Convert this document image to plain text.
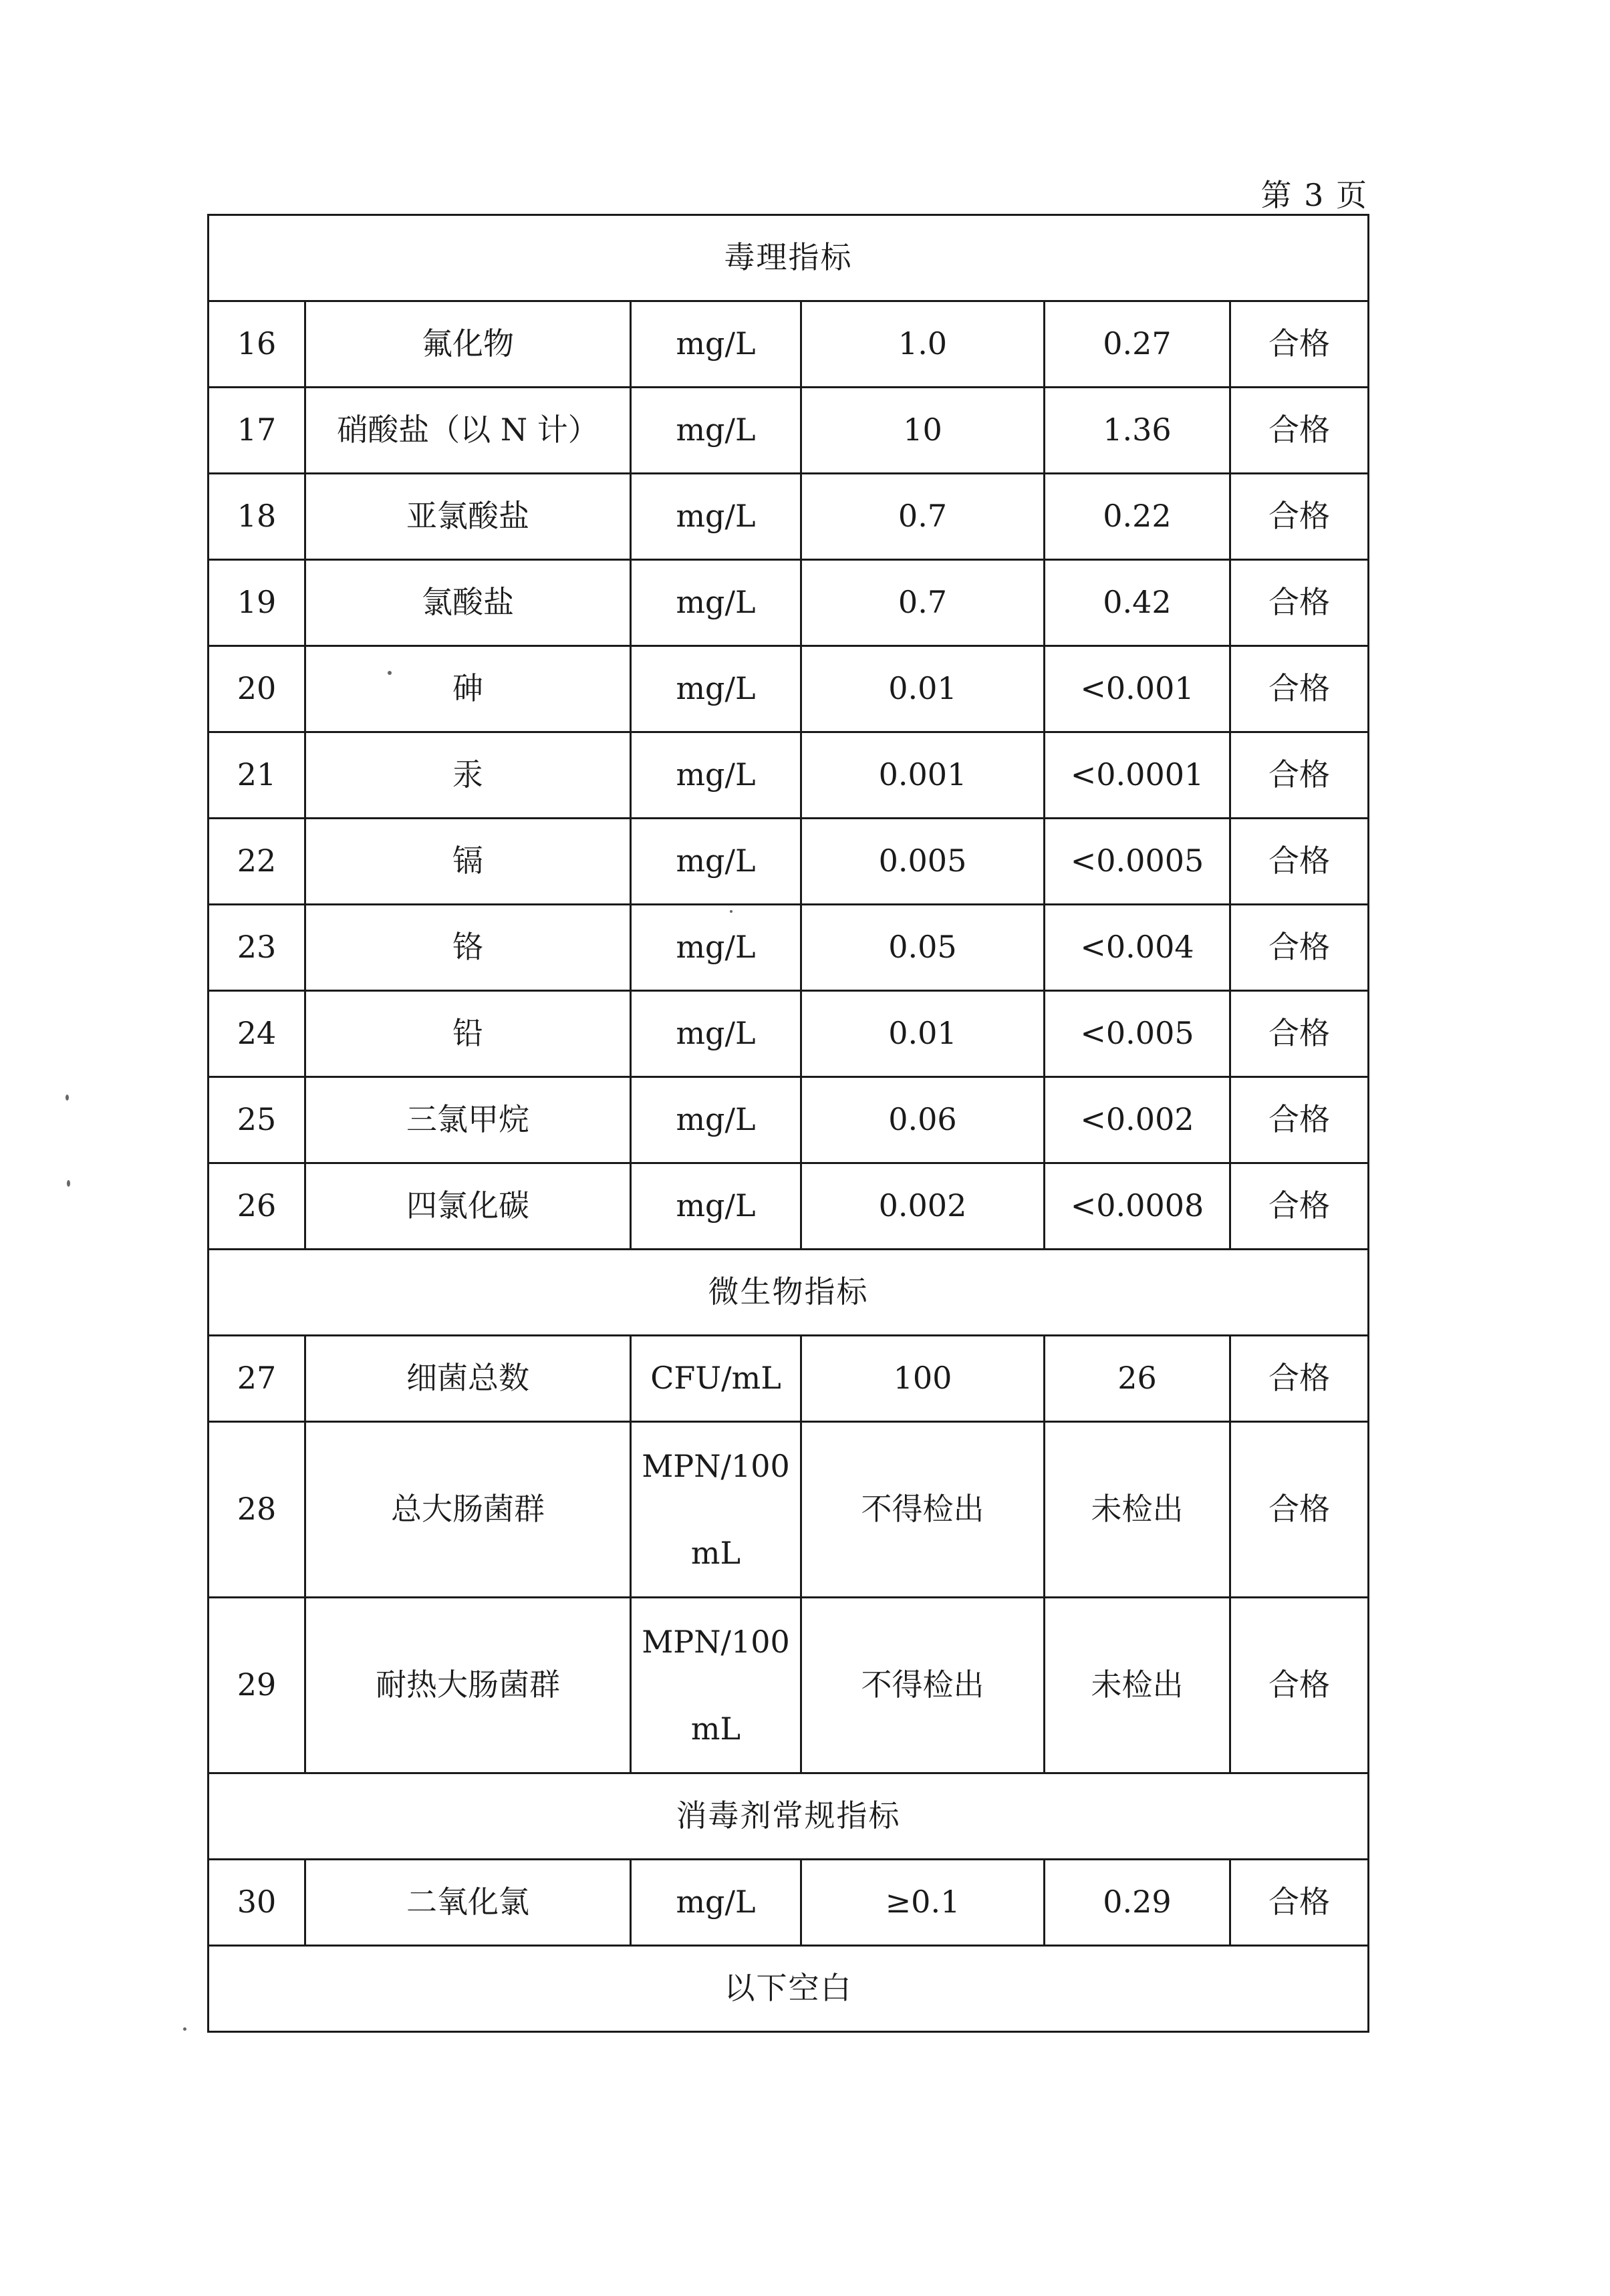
第 3 页
毒理指标					
16	氟化物	mg/L	1.0	0.27	合格
17	硝酸盐（以 N 计）	mg/L	10	1.36	合格
18	亚氯酸盐	mg/L	0.7	0.22	合格
19	氯酸盐	mg/L	0.7	0.42	合格
20	砷	mg/L	0.01	<0.001	合格
21	汞	mg/L	0.001	<0.0001	合格
22	镉	mg/L	0.005	<0.0005	合格
23	铬	mg/L	0.05	<0.004	合格
24	铅	mg/L	0.01	<0.005	合格
25	三氯甲烷	mg/L	0.06	<0.002	合格
26	四氯化碳	mg/L	0.002	<0.0008	合格
微生物指标					
27	细菌总数	CFU/mL	100	26	合格
28	总大肠菌群	MPN/100
mL	不得检出	未检出	合格
29	耐热大肠菌群	MPN/100
mL	不得检出	未检出	合格
消毒剂常规指标					
30	二氧化氯	mg/L	≥0.1	0.29	合格
以下空白					
